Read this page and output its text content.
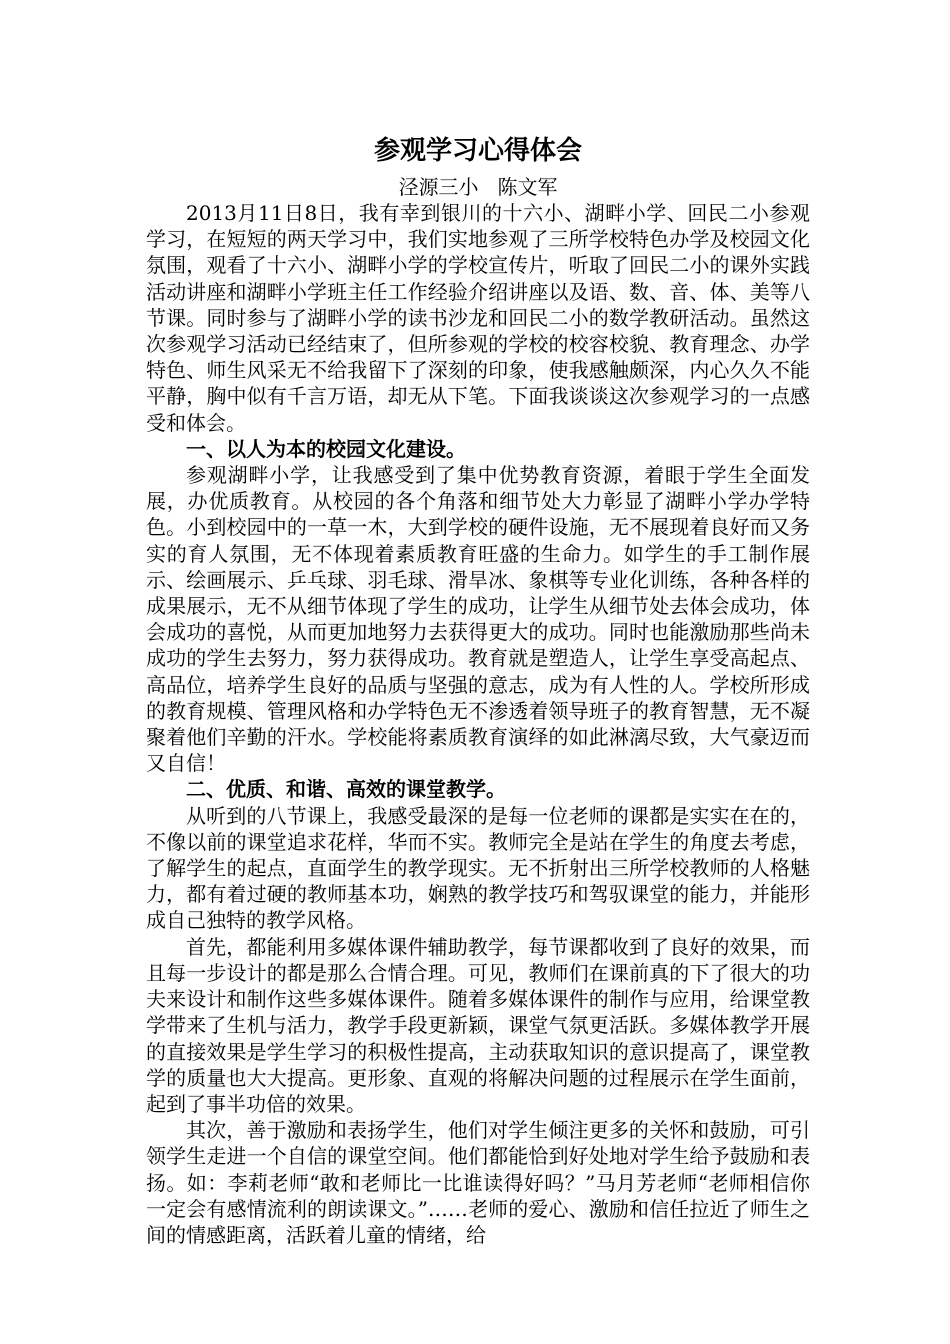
参观学习心得体会

泾源三小   陈文军

2013月11日8日，我有幸到银川的十六小、湖畔小学、回民二小参观学习，在短短的两天学习中，我们实地参观了三所学校特色办学及校园文化氛围，观看了十六小、湖畔小学的学校宣传片，听取了回民二小的课外实践活动讲座和湖畔小学班主任工作经验介绍讲座以及语、数、音、体、美等八节课。同时参与了湖畔小学的读书沙龙和回民二小的数学教研活动。虽然这次参观学习活动已经结束了，但所参观的学校的校容校貌、教育理念、办学特色、师生风采无不给我留下了深刻的印象，使我感触颇深，内心久久不能平静，胸中似有千言万语，却无从下笔。下面我谈谈这次参观学习的一点感受和体会。

一、以人为本的校园文化建设。

参观湖畔小学，让我感受到了集中优势教育资源，着眼于学生全面发展，办优质教育。从校园的各个角落和细节处大力彰显了湖畔小学办学特色。小到校园中的一草一木，大到学校的硬件设施，无不展现着良好而又务实的育人氛围，无不体现着素质教育旺盛的生命力。如学生的手工制作展示、绘画展示、乒乓球、羽毛球、滑旱冰、象棋等专业化训练，各种各样的成果展示，无不从细节体现了学生的成功，让学生从细节处去体会成功，体会成功的喜悦，从而更加地努力去获得更大的成功。同时也能激励那些尚未成功的学生去努力，努力获得成功。教育就是塑造人，让学生享受高起点、高品位，培养学生良好的品质与坚强的意志，成为有人性的人。学校所形成的教育规模、管理风格和办学特色无不渗透着领导班子的教育智慧，无不凝聚着他们辛勤的汗水。学校能将素质教育演绎的如此淋漓尽致，大气豪迈而又自信！

二、优质、和谐、高效的课堂教学。

从听到的八节课上，我感受最深的是每一位老师的课都是实实在在的，不像以前的课堂追求花样，华而不实。教师完全是站在学生的角度去考虑，了解学生的起点，直面学生的教学现实。无不折射出三所学校教师的人格魅力，都有着过硬的教师基本功，娴熟的教学技巧和驾驭课堂的能力，并能形成自己独特的教学风格。

首先，都能利用多媒体课件辅助教学，每节课都收到了良好的效果，而且每一步设计的都是那么合情合理。可见，教师们在课前真的下了很大的功夫来设计和制作这些多媒体课件。随着多媒体课件的制作与应用，给课堂教学带来了生机与活力，教学手段更新颖，课堂气氛更活跃。多媒体教学开展的直接效果是学生学习的积极性提高，主动获取知识的意识提高了，课堂教学的质量也大大提高。更形象、直观的将解决问题的过程展示在学生面前，起到了事半功倍的效果。

其次，善于激励和表扬学生，他们对学生倾注更多的关怀和鼓励，可引领学生走进一个自信的课堂空间。他们都能恰到好处地对学生给予鼓励和表扬。如：李莉老师“敢和老师比一比谁读得好吗？”马月芳老师“老师相信你一定会有感情流利的朗读课文。”……老师的爱心、激励和信任拉近了师生之间的情感距离，活跃着儿童的情绪，给
